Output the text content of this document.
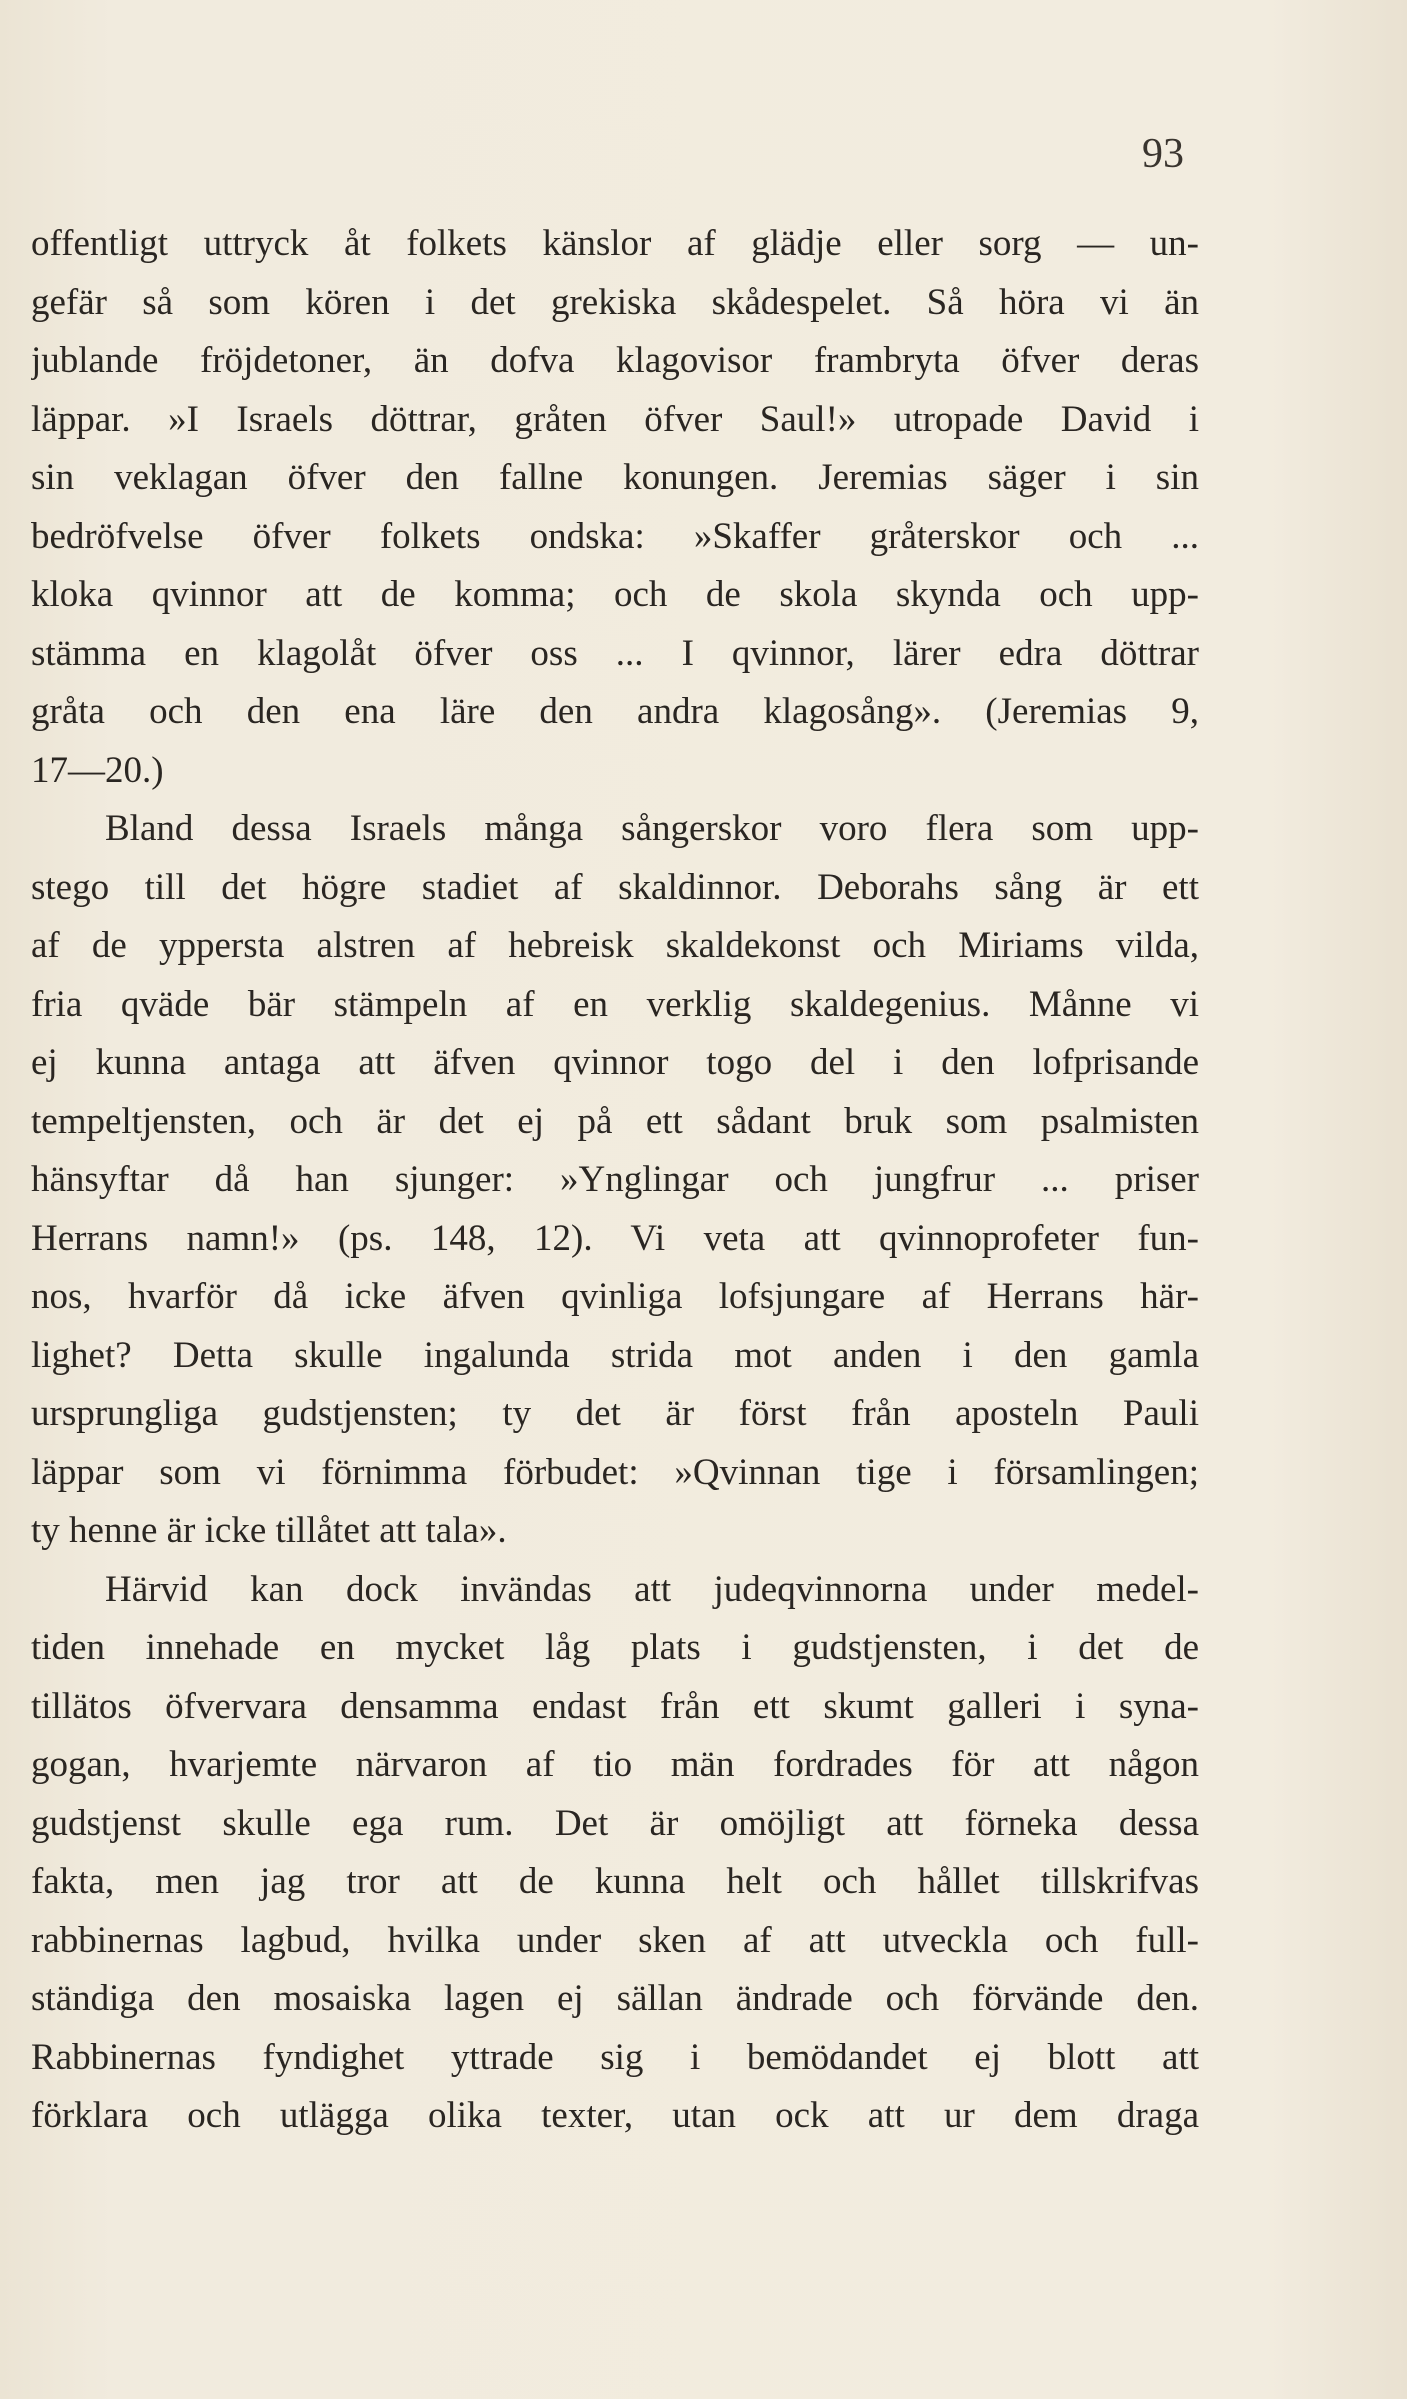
93
offentligt uttryck åt folkets känslor af glädje eller sorg — un-
gefär så som kören i det grekiska skådespelet. Så höra vi än
jublande fröjdetoner, än dofva klagovisor frambryta öfver deras
läppar. »I Israels döttrar, gråten öfver Saul!» utropade David i
sin veklagan öfver den fallne konungen. Jeremias säger i sin
bedröfvelse öfver folkets ondska: »Skaffer gråterskor och ...
kloka qvinnor att de komma; och de skola skynda och upp-
stämma en klagolåt öfver oss ... I qvinnor, lärer edra döttrar
gråta och den ena läre den andra klagosång». (Jeremias 9,
17—20.)
Bland dessa Israels många sångerskor voro flera som upp-
stego till det högre stadiet af skaldinnor. Deborahs sång är ett
af de yppersta alstren af hebreisk skaldekonst och Miriams vilda,
fria qväde bär stämpeln af en verklig skaldegenius. Månne vi
ej kunna antaga att äfven qvinnor togo del i den lofprisande
tempeltjensten, och är det ej på ett sådant bruk som psalmisten
hänsyftar då han sjunger: »Ynglingar och jungfrur ... priser
Herrans namn!» (ps. 148, 12). Vi veta att qvinnoprofeter fun-
nos, hvarför då icke äfven qvinliga lofsjungare af Herrans här-
lighet? Detta skulle ingalunda strida mot anden i den gamla
ursprungliga gudstjensten; ty det är först från aposteln Pauli
läppar som vi förnimma förbudet: »Qvinnan tige i församlingen;
ty henne är icke tillåtet att tala».
Härvid kan dock invändas att judeqvinnorna under medel-
tiden innehade en mycket låg plats i gudstjensten, i det de
tillätos öfvervara densamma endast från ett skumt galleri i syna-
gogan, hvarjemte närvaron af tio män fordrades för att någon
gudstjenst skulle ega rum. Det är omöjligt att förneka dessa
fakta, men jag tror att de kunna helt och hållet tillskrifvas
rabbinernas lagbud, hvilka under sken af att utveckla och full-
ständiga den mosaiska lagen ej sällan ändrade och förvände den.
Rabbinernas fyndighet yttrade sig i bemödandet ej blott att
förklara och utlägga olika texter, utan ock att ur dem draga
